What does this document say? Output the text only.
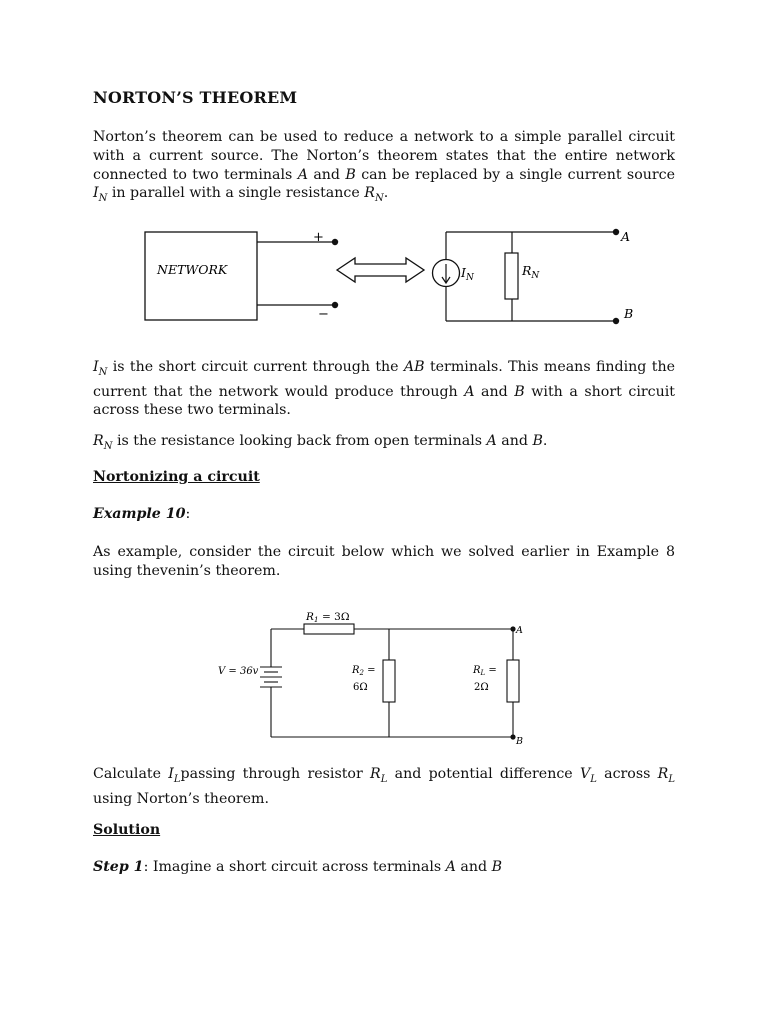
NORTON’S THEOREM

Norton’s theorem can be used to reduce a network to a simple parallel circuit with a current source. The Norton’s theorem states that the entire network connected to two terminals A and B can be replaced by a single current source $I_N$ in parallel with a single resistance $R_N$.

NETWORK
+
−
$I_N$	$R_N$
A
B

$I_N$ is the short circuit current through the AB terminals. This means finding the current that the network would produce through A and B with a short circuit across these two terminals.

$R_N$ is the resistance looking back from open terminals A and B.

Nortonizing a circuit

Example 10:

As example, consider the circuit below which we solved earlier in Example 8 using thevenin’s theorem.

R1 = 3Ω
V = 36v	$R_2$ =
6Ω
$R_L$ =
2Ω
A
B

Calculate $I_Lpassing$ through resistor $R_L$ and potential difference $V_L$ across $R_L$ using Norton’s theorem.

Solution

Step 1: Imagine a short circuit across terminals A and B
